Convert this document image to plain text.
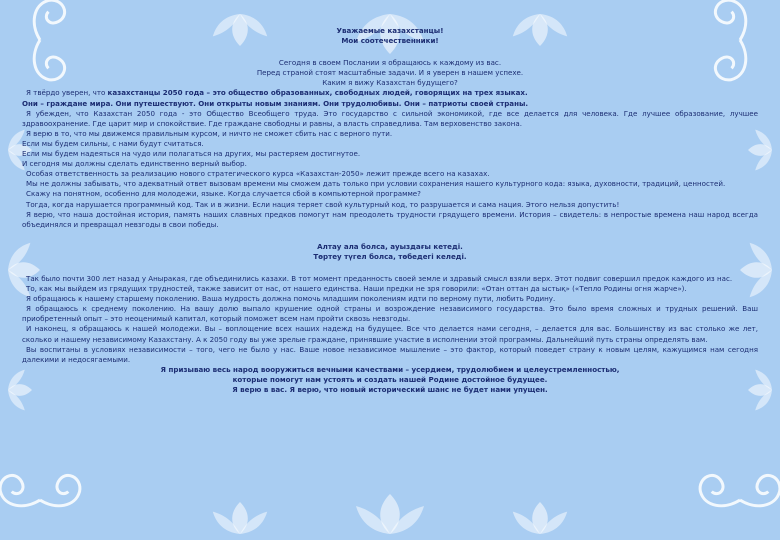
Уважаемые казахстанцы!

Мои соотечественники!

Сегодня в своем Послании я обращаюсь к каждому из вас.

Перед страной стоят масштабные задачи. И я уверен в нашем успехе.

Каким я вижу Казахстан будущего?

Я твёрдо уверен, что казахстанцы 2050 года – это общество образованных, свободных людей, говорящих на трех языках.

Они – граждане мира. Они путешествуют. Они открыты новым знаниям. Они трудолюбивы. Они – патриоты своей страны.

Я убежден, что Казахстан 2050 года - это Общество Всеобщего труда. Это государство с сильной экономикой, где все делается для человека. Где лучшее образование, лучшее здравоохранение. Где царит мир и спокойствие. Где граждане свободны и равны, а власть справедлива. Там верховенство закона.

Я верю в то, что мы движемся правильным курсом, и ничто не сможет сбить нас с верного пути.

Если мы будем сильны, с нами будут считаться.

Если мы будем надеяться на чудо или полагаться на других, мы растеряем достигнутое.

И сегодня мы должны сделать единственно верный выбор.

Особая ответственность за реализацию нового стратегического курса «Казахстан-2050» лежит прежде всего на казахах.

Мы не должны забывать, что адекватный ответ вызовам времени мы сможем дать только при условии сохранения нашего культурного кода: языка, духовности, традиций, ценностей.

Скажу на понятном, особенно для молодежи, языке. Когда случается сбой в компьютерной программе?

Тогда, когда нарушается программный код. Так и в жизни. Если нация теряет свой культурный код, то разрушается и сама нация. Этого нельзя допустить!

Я верю, что наша достойная история, память наших славных предков помогут нам преодолеть трудности грядущего времени. История – свидетель: в непростые времена наш народ всегда объединялся и превращал невзгоды в свои победы.

Алтау ала болса, ауыздағы кетеді.

Төртеу түгел болса, төбедегі келеді.

Так было почти 300 лет назад у Аныракая, где объединились казахи. В тот момент преданность своей земле и здравый смысл взяли верх. Этот подвиг совершил предок каждого из нас.

То, как мы выйдем из грядущих трудностей, также зависит от нас, от нашего единства. Наши предки не зря говорили: «Отан оттан да ыстық» («Тепло Родины огня жарче»).

Я обращаюсь к нашему старшему поколению. Ваша мудрость должна помочь младшим поколениям идти по верному пути, любить Родину.

Я обращаюсь к среднему поколению. На вашу долю выпало крушение одной страны и возрождение независимого государства. Это было время сложных и трудных решений. Ваш приобретенный опыт – это неоценимый капитал, который поможет всем нам пройти сквозь невзгоды.

И наконец, я обращаюсь к нашей молодежи. Вы – воплощение всех наших надежд на будущее. Все что делается нами сегодня, – делается для вас. Большинству из вас столько же лет, сколько и нашему независимому Казахстану. А к 2050 году вы уже зрелые граждане, принявшие участие в исполнении этой программы. Дальнейший путь страны определять вам.

Вы воспитаны в условиях независимости – того, чего не было у нас. Ваше новое независимое мышление – это фактор, который поведет страну к новым целям, кажущимся нам сегодня далекими и недосягаемыми.

Я призываю весь народ вооружиться вечными качествами – усердием, трудолюбием и целеустремленностью,

которые помогут нам устоять и создать нашей Родине достойное будущее.

Я верю в вас. Я верю, что новый исторический шанс не будет нами упущен.
